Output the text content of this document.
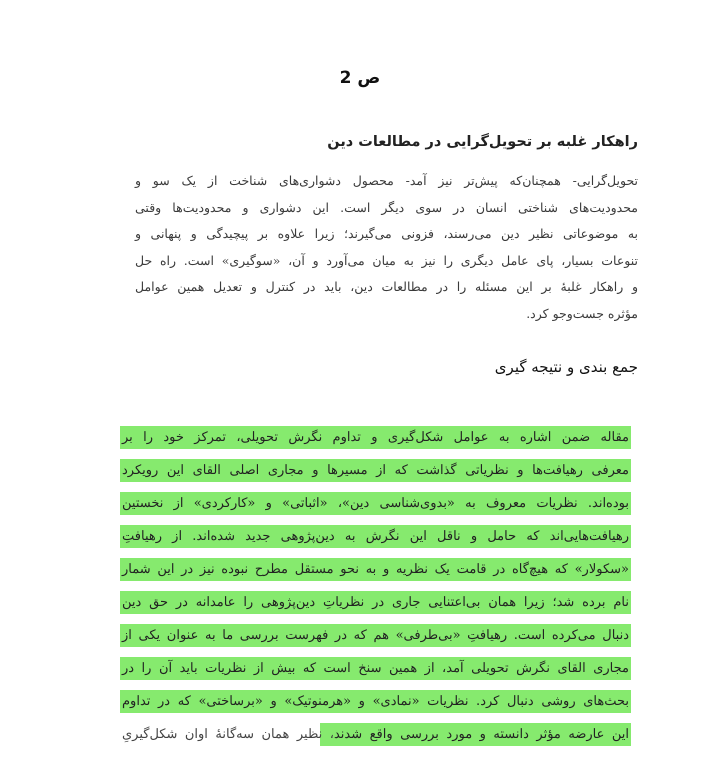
ص 2
راهکار غلبه بر تحویل‌گرایی در مطالعات دین
تحویل‌گرایی- همچنان‌که پیش‌تر نیز آمد- محصول دشواری‌های شناخت از یک سو و
محدودیت‌های شناختی انسان در سوی دیگر است. این دشواری و محدودیت‌ها وقتی
به موضوعاتی نظیر دین می‌رسند، فزونی می‌گیرند؛ زیرا علاوه بر پیچیدگی و پنهانی و
تنوعات بسیار، پای عامل دیگری را نیز به میان می‌آورد و آن، «سوگیری» است. راه حل
و راهکار غلبهٔ بر این مسئله را در مطالعات دین، باید در کنترل و تعدیل همین عوامل
مؤثره جست‌وجو کرد.
جمع بندی و نتیجه گیری
مقاله ضمن اشاره به عوامل شکل‌گیری و تداوم نگرش تحویلی، تمرکز خود را بر
معرفی رهیافت‌ها و نظریاتی گذاشت که از مسیرها و مجاری اصلی القای این رویکرد
بوده‌اند. نظریات معروف به «بدوی‌شناسی دین»، «اثباتی» و «کارکردی» از نخستین
رهیافت‌هایی‌اند که حامل و ناقل این نگرش به دین‌پژوهی جدید شده‌اند. از رهیافتِ
«سکولار» که هیچ‌گاه در قامت یک نظریه و به نحو مستقل مطرح نبوده نیز در این شمار
نام برده شد؛ زیرا همان بی‌اعتنایی جاری در نظریاتِ دین‌پژوهی را عامدانه در حق دین
دنبال می‌کرده است. رهیافتِ «بی‌طرفی» هم که در فهرست بررسی ما به عنوان یکی از
مجاری القای نگرش تحویلی آمد، از همین سنخ است که بیش از نظریات باید آن را در
بحث‌های روشی دنبال کرد. نظریات «نمادی» و «هرمنوتیک» و «برساختی» که در تداوم
این عارضه مؤثر دانسته و مورد بررسی واقع شدند، نظیر همان سه‌گانهٔ اوان شکل‌گیریِ
